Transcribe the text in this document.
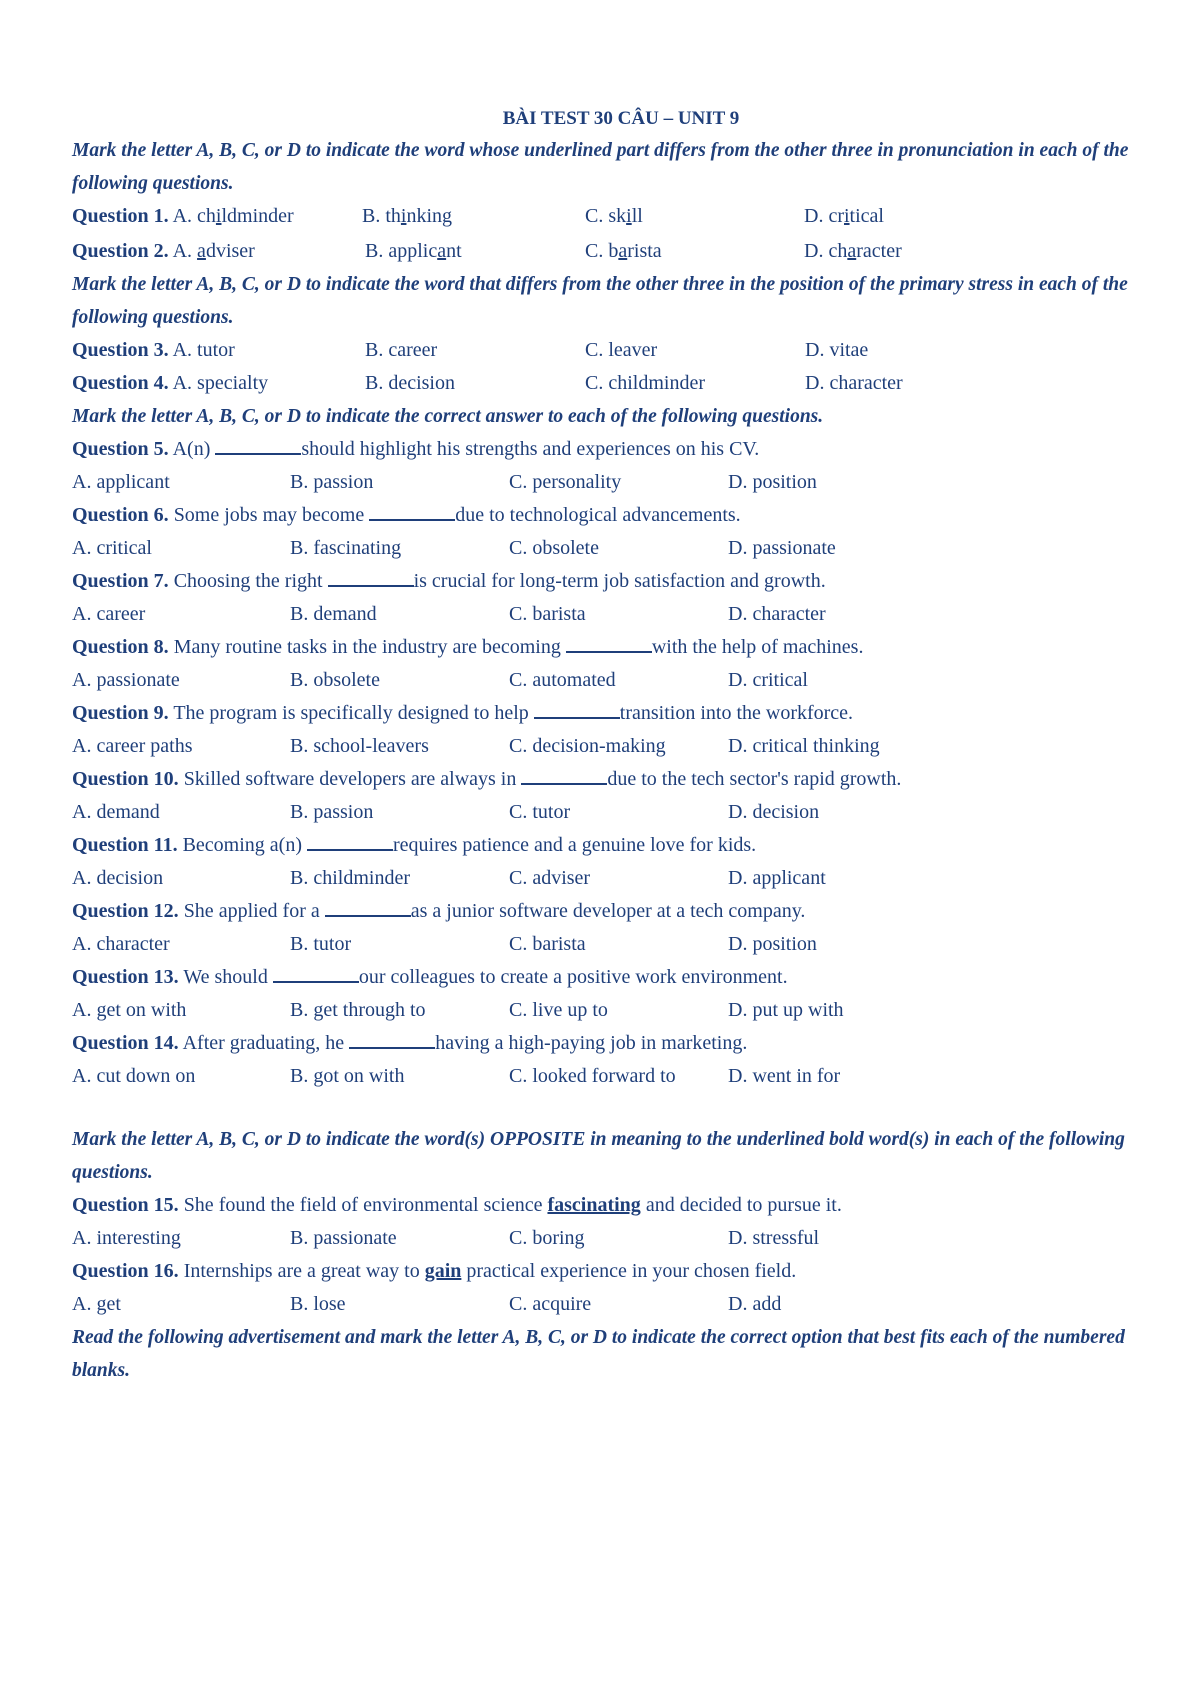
BÀI TEST 30 CÂU – UNIT 9

Mark the letter A, B, C, or D to indicate the word whose underlined part differs from the other three in pronunciation in each of the following questions.

Question 1. A. childminder	B. thinking	C. skill	D. critical
Question 2. A. adviser	B. applicant	C. barista	D. character

Mark the letter A, B, C, or D to indicate the word that differs from the other three in the position of the primary stress in each of the following questions.

Question 3. A. tutor	B. career	C. leaver	D. vitae
Question 4. A. specialty	B. decision	C. childminder	D. character

Mark the letter A, B, C, or D to indicate the correct answer to each of the following questions.

Question 5. A(n)	should highlight his strengths and experiences on his CV.

A. applicant	B. passion	C. personality	D. position

Question 6. Some jobs may become	due to technological advancements.

A. critical	B. fascinating	C. obsolete	D. passionate

Question 7. Choosing the right	is crucial for long-term job satisfaction and growth.

A. career	B. demand	C. barista	D. character

Question 8. Many routine tasks in the industry are becoming	with the help of machines.

A. passionate	B. obsolete	C. automated	D. critical

Question 9. The program is specifically designed to help	transition into the workforce.

A. career paths	B. school-leavers	C. decision-making	D. critical thinking

Question 10. Skilled software developers are always in	due to the tech sector's rapid growth.

A. demand	B. passion	C. tutor	D. decision

Question 11. Becoming a(n)	requires patience and a genuine love for kids.

A. decision	B. childminder	C. adviser	D. applicant

Question 12. She applied for a	as a junior software developer at a tech company.

A. character	B. tutor	C. barista	D. position

Question 13. We should	our colleagues to create a positive work environment.

A. get on with	B. get through to	C. live up to	D. put up with

Question 14. After graduating, he	having a high-paying job in marketing.

A. cut down on	B. got on with	C. looked forward to	D. went in for

Mark the letter A, B, C, or D to indicate the word(s) OPPOSITE in meaning to the underlined bold word(s) in each of the following questions.

Question 15. She found the field of environmental science fascinating and decided to pursue it.

A. interesting	B. passionate	C. boring	D. stressful

Question 16. Internships are a great way to gain practical experience in your chosen field.

A. get	B. lose	C. acquire	D. add

Read the following advertisement and mark the letter A, B, C, or D to indicate the correct option that best fits each of the numbered blanks.
